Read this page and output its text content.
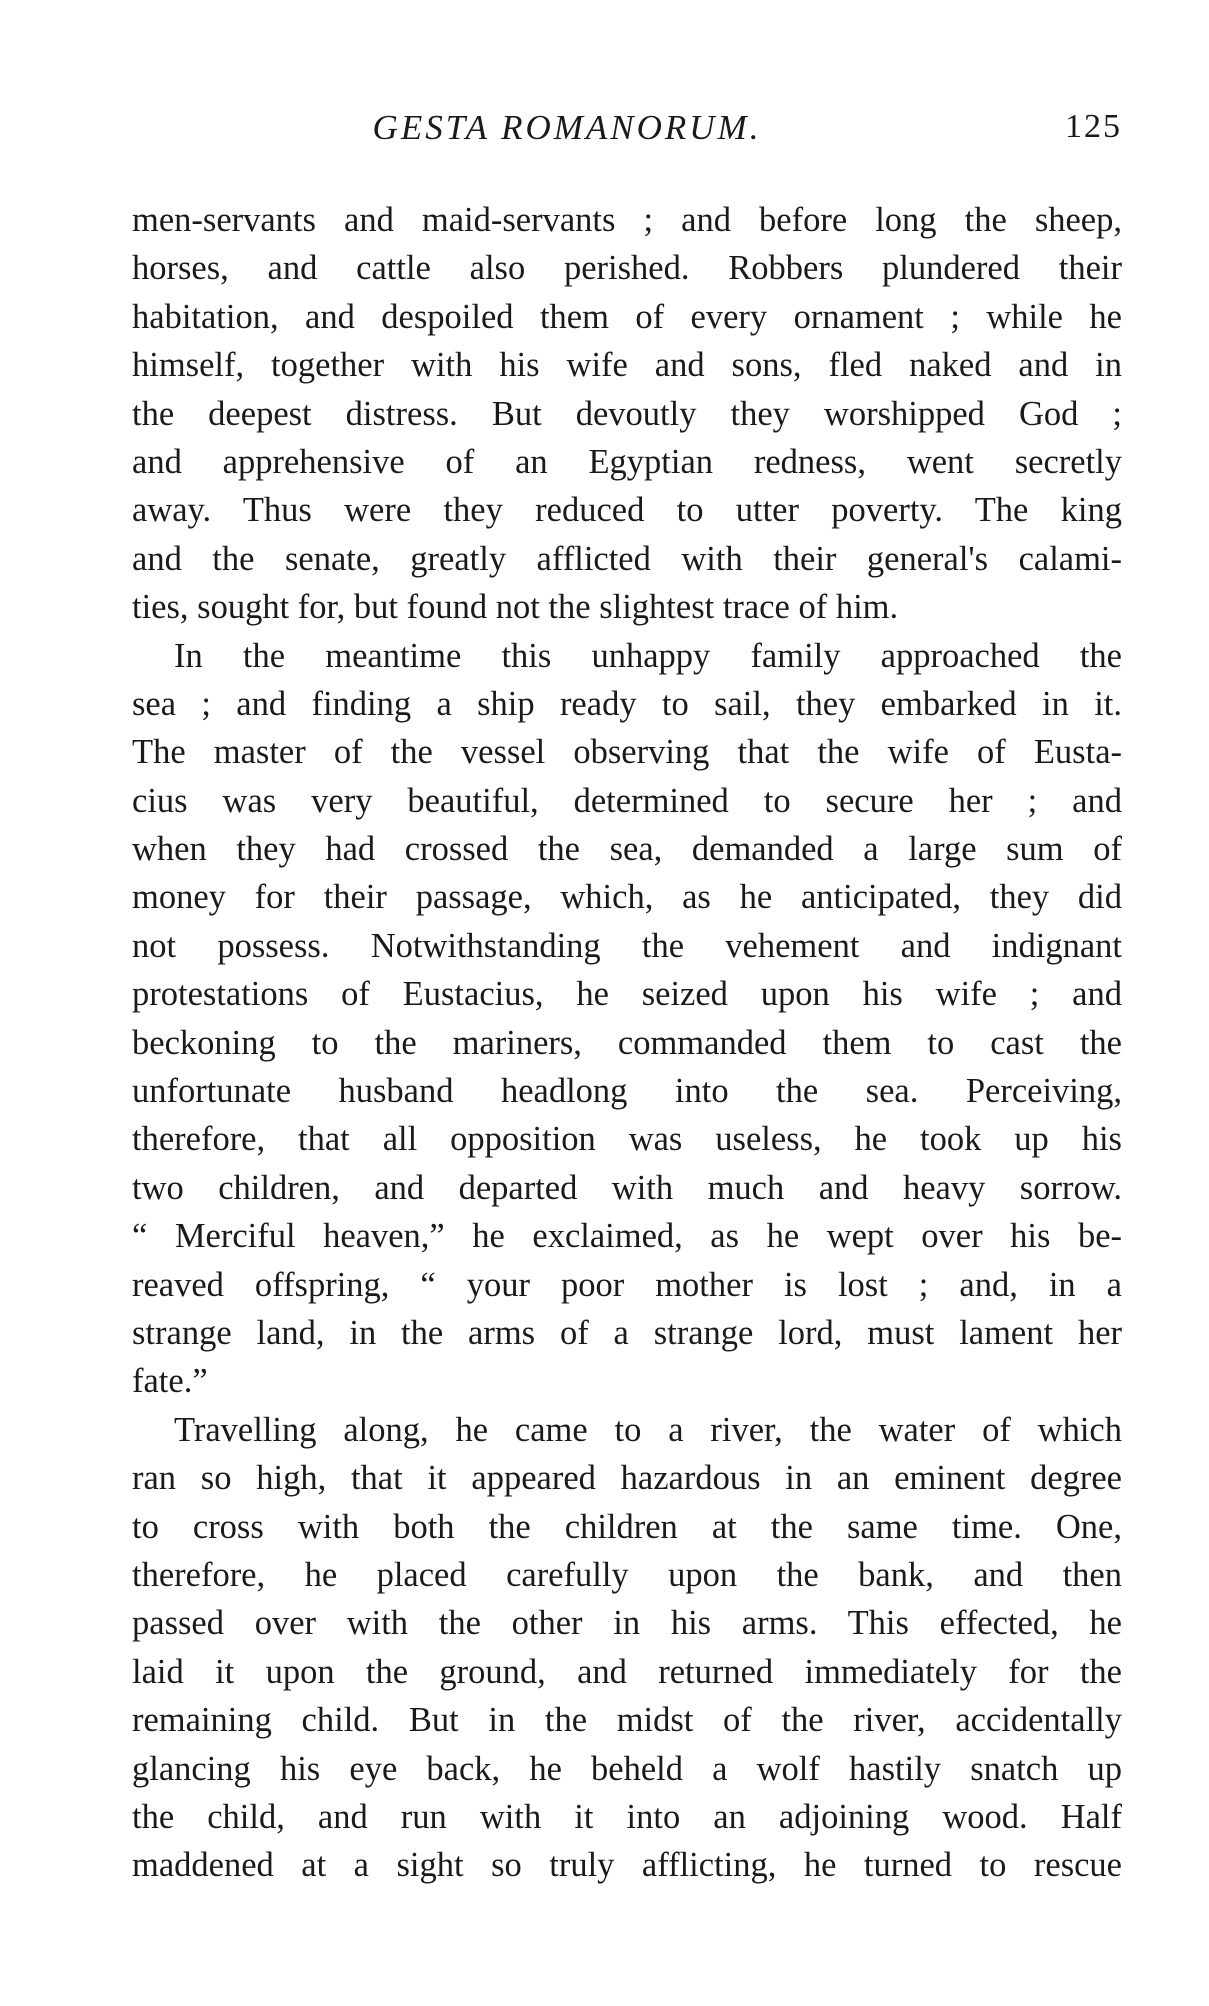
GESTA ROMANORUM.	125

men-servants and maid-servants ; and before long the sheep,
horses, and cattle also perished. Robbers plundered their
habitation, and despoiled them of every ornament ; while he
himself, together with his wife and sons, fled naked and in
the deepest distress. But devoutly they worshipped God ;
and apprehensive of an Egyptian redness, went secretly
away. Thus were they reduced to utter poverty. The king
and the senate, greatly afflicted with their general's calami-
ties, sought for, but found not the slightest trace of him.

In the meantime this unhappy family approached the
sea ; and finding a ship ready to sail, they embarked in it.
The master of the vessel observing that the wife of Eusta-
cius was very beautiful, determined to secure her ; and
when they had crossed the sea, demanded a large sum of
money for their passage, which, as he anticipated, they did
not possess. Notwithstanding the vehement and indignant
protestations of Eustacius, he seized upon his wife ; and
beckoning to the mariners, commanded them to cast the
unfortunate husband headlong into the sea. Perceiving,
therefore, that all opposition was useless, he took up his
two children, and departed with much and heavy sorrow.
“ Merciful heaven,” he exclaimed, as he wept over his be-
reaved offspring, “ your poor mother is lost ; and, in a
strange land, in the arms of a strange lord, must lament her
fate.”

Travelling along, he came to a river, the water of which
ran so high, that it appeared hazardous in an eminent degree
to cross with both the children at the same time. One,
therefore, he placed carefully upon the bank, and then
passed over with the other in his arms. This effected, he
laid it upon the ground, and returned immediately for the
remaining child. But in the midst of the river, accidentally
glancing his eye back, he beheld a wolf hastily snatch up
the child, and run with it into an adjoining wood. Half
maddened at a sight so truly afflicting, he turned to rescue
